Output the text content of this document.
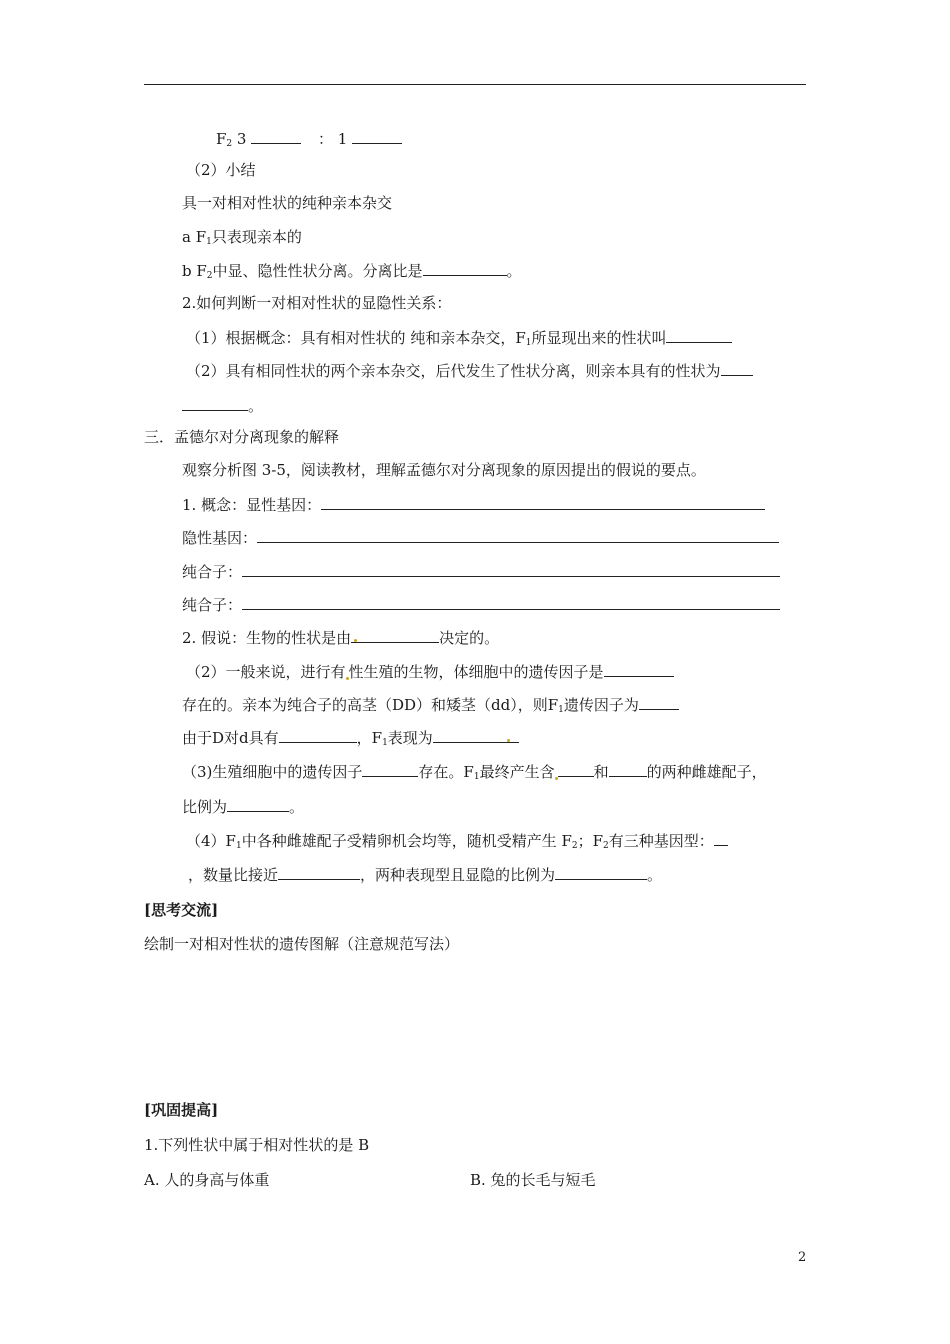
$F_2$ 3	： 1
（2）小结
具一对相对性状的纯种亲本杂交
a $F_1$只表现亲本的
b $F_2$中显、隐性性状分离。分离比是	。
2.如何判断一对相对性状的显隐性关系：
（1）根据概念：具有相对性状的 纯和亲本杂交，$F_1$所显现出来的性状叫
（2）具有相同性状的两个亲本杂交，后代发生了性状分离，则亲本具有的性状为
。
三．孟德尔对分离现象的解释
观察分析图 3-5，阅读教材，理解孟德尔对分离现象的原因提出的假说的要点。
1. 概念：显性基因：
隐性基因：
纯合子：
纯合子：
2. 假说：生物的性状是由	决定的。
（2）一般来说，进行有 性生殖的生物，体细胞中的遗传因子是
存在的。亲本为纯合子的高茎（DD）和矮茎（dd），则$F_1$遗传因子为
由于D对d具有	，$F_1$表现为
（3)生殖细胞中的遗传因子	存在。$F_1$最终产生含	和	的两种雌雄配子，
比例为	。
$(4)F_1$中各种雌雄配子受精卵机会均等，随机受精产生 $F_2$；$F_2$有三种基因型：
，数量比接近	，两种表现型且显隐的比例为	。
[思考交流]
绘制一对相对性状的遗传图解（注意规范写法）
[巩固提高]
1.下列性状中属于相对性状的是 B
A. 人的身高与体重	B. 兔的长毛与短毛
2
